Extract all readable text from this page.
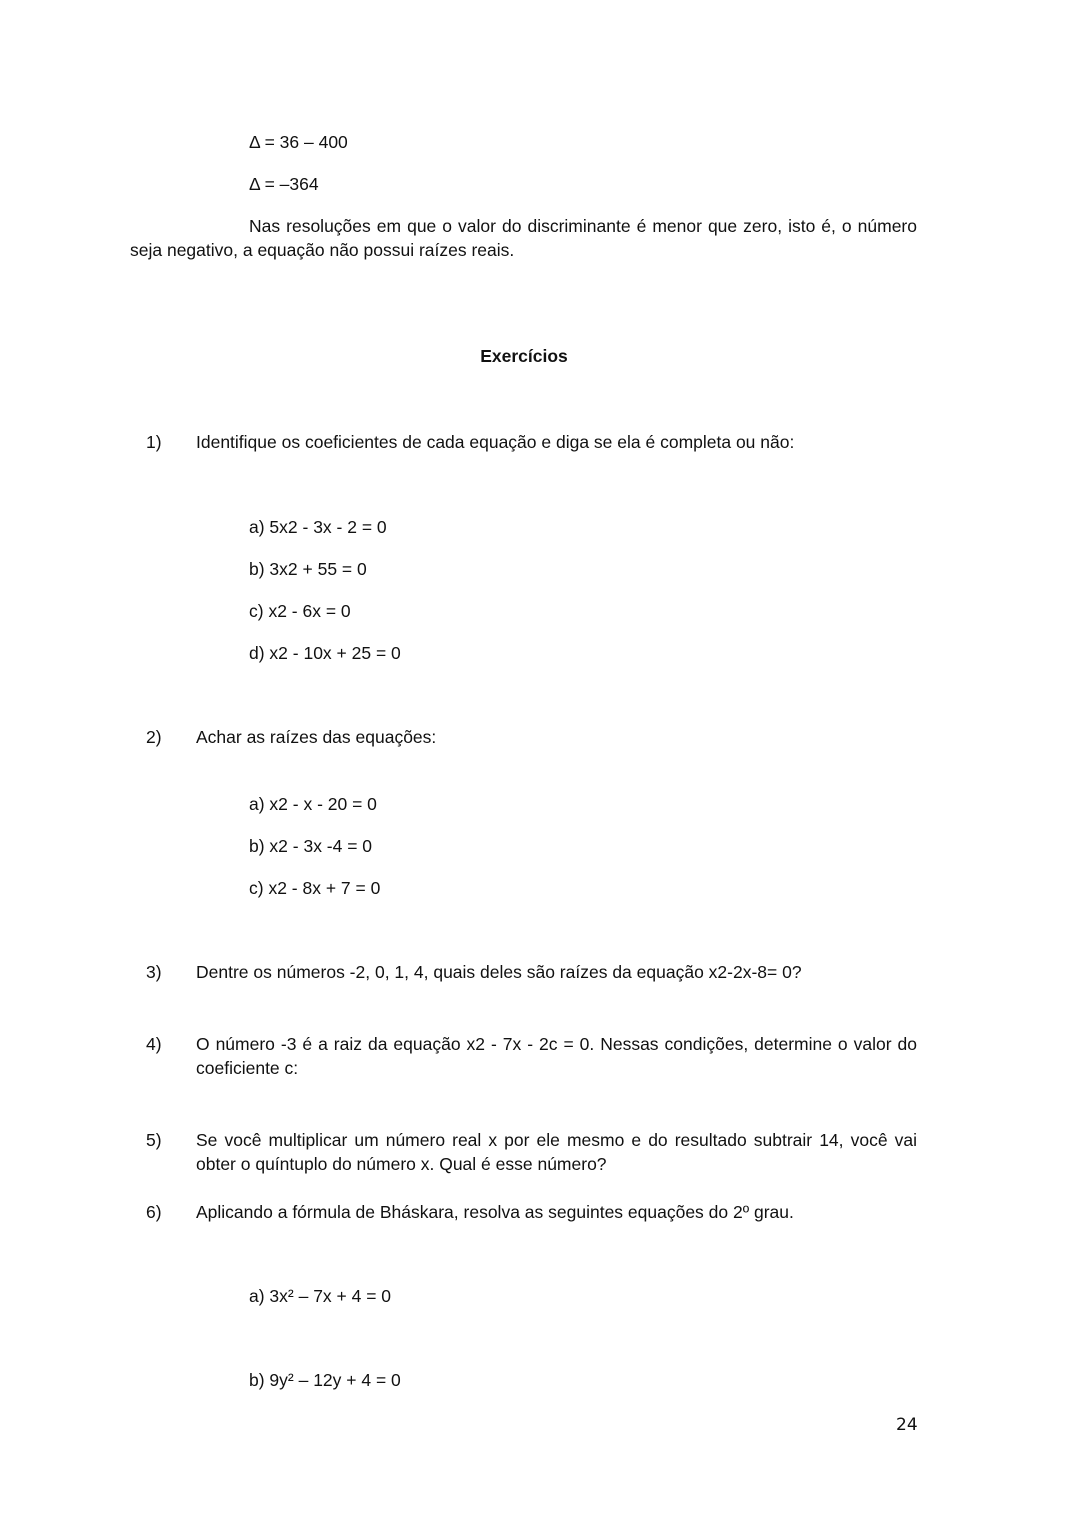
Δ = 36 – 400
Δ = –364
Nas resoluções em que o valor do discriminante é menor que zero, isto é, o número seja negativo, a equação não possui raízes reais.
Exercícios
1) Identifique os coeficientes de cada equação e diga se ela é completa ou não:
a) 5x2 - 3x - 2 = 0
b) 3x2 + 55 = 0
c) x2 - 6x = 0
d) x2 - 10x + 25 = 0
2) Achar as raízes das equações:
a) x2 - x - 20 = 0
b) x2 - 3x -4 = 0
c) x2 - 8x + 7 = 0
3) Dentre os números -2, 0, 1, 4, quais deles são raízes da equação x2-2x-8= 0?
4) O número -3 é a raiz da equação x2 - 7x - 2c = 0. Nessas condições, determine o valor do coeficiente c:
5) Se você multiplicar um número real x por ele mesmo e do resultado subtrair 14, você vai obter o quíntuplo do número x. Qual é esse número?
6) Aplicando a fórmula de Bháskara, resolva as seguintes equações do 2º grau.
a) 3x² – 7x + 4 = 0
b) 9y² – 12y + 4 = 0
24
